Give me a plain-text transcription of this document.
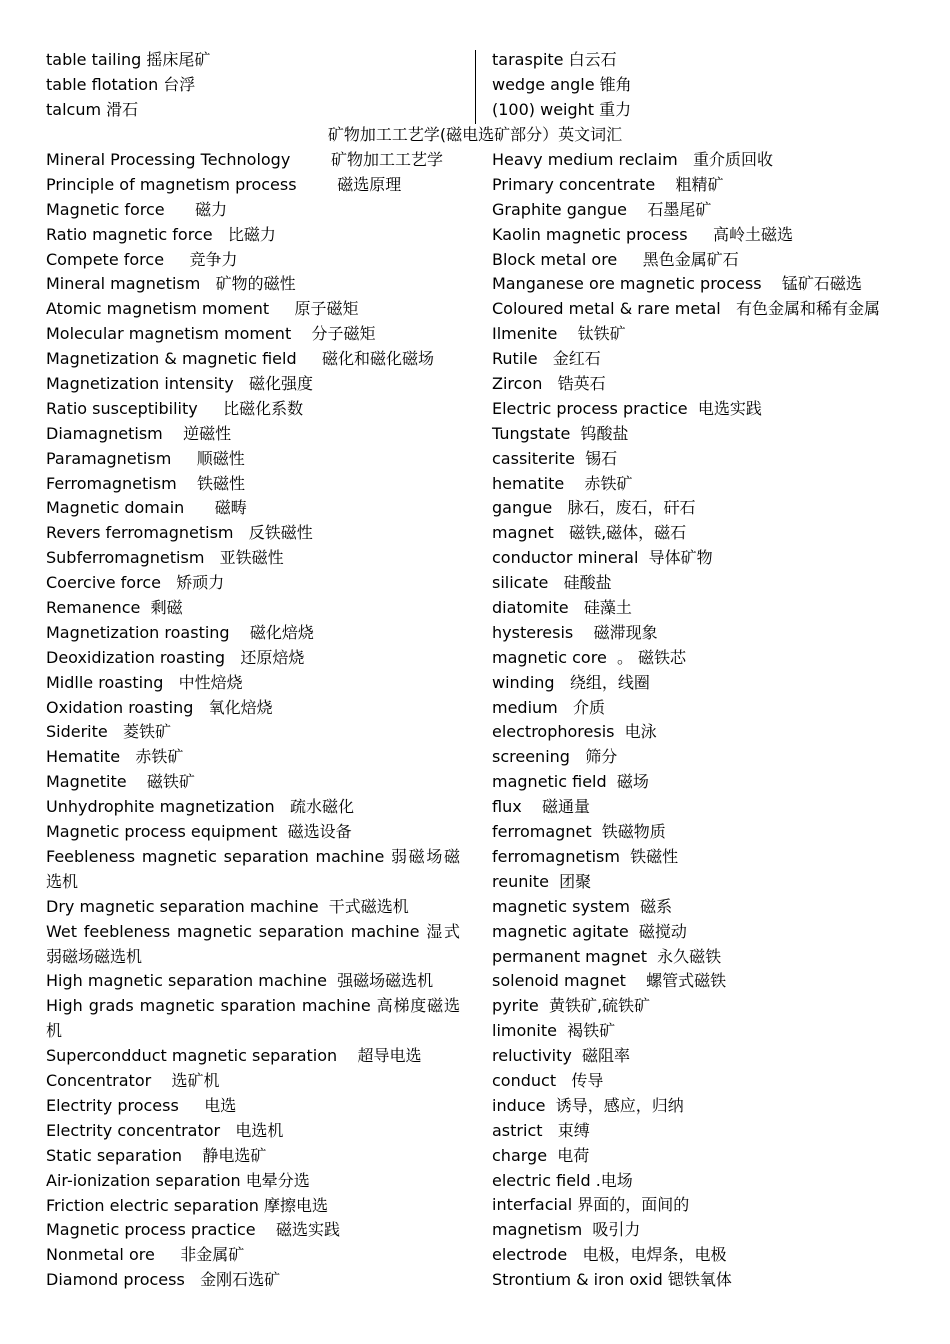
table tailing 摇床尾矿
table flotation 台浮
talcum 滑石
taraspite 白云石
wedge angle 锥角
(100) weight 重力
矿物加工工艺学(磁电选矿部分）英文词汇
Mineral Processing Technology        矿物加工工艺学
Principle of magnetism process        磁选原理
Magnetic force      磁力
Ratio magnetic force   比磁力
Compete force     竞争力
Mineral magnetism   矿物的磁性
Atomic magnetism moment     原子磁矩
Molecular magnetism moment    分子磁矩
Magnetization & magnetic field     磁化和磁化磁场
Magnetization intensity   磁化强度
Ratio susceptibility     比磁化系数
Diamagnetism    逆磁性
Paramagnetism     顺磁性
Ferromagnetism    铁磁性
Magnetic domain      磁畴
Revers ferromagnetism   反铁磁性
Subferromagnetism   亚铁磁性
Coercive force   矫顽力
Remanence  剩磁
Magnetization roasting    磁化焙烧
Deoxidization roasting   还原焙烧
Midlle roasting   中性焙烧
Oxidation roasting   氧化焙烧
Siderite   菱铁矿
Hematite   赤铁矿
Magnetite    磁铁矿
Unhydrophite magnetization   疏水磁化
Magnetic process equipment  磁选设备
Feebleness magnetic separation machine 弱磁场磁选机
Dry magnetic separation machine  干式磁选机
Wet feebleness magnetic separation machine 湿式弱磁场磁选机
High magnetic separation machine  强磁场磁选机
High grads magnetic sparation machine 高梯度磁选机
Supercondduct magnetic separation    超导电选
Concentrator    选矿机
Electrity process     电选
Electrity concentrator   电选机
Static separation    静电选矿
Air-ionization separation 电晕分选
Friction electric separation 摩擦电选
Magnetic process practice    磁选实践
Nonmetal ore     非金属矿
Diamond process   金刚石选矿
Heavy medium reclaim   重介质回收
Primary concentrate    粗精矿
Graphite gangue    石墨尾矿
Kaolin magnetic process     高岭土磁选
Block metal ore     黑色金属矿石
Manganese ore magnetic process    锰矿石磁选
Coloured metal & rare metal   有色金属和稀有金属
Ilmenite    钛铁矿
Rutile   金红石
Zircon   锆英石
Electric process practice  电选实践
Tungstate  钨酸盐
cassiterite  锡石
hematite    赤铁矿
gangue   脉石，废石，矸石
magnet   磁铁,磁体，磁石
conductor mineral  导体矿物
silicate   硅酸盐
diatomite   硅藻土
hysteresis    磁滞现象
magnetic core  。 磁铁芯
winding   绕组，线圈
medium   介质
electrophoresis  电泳
screening   筛分
magnetic field  磁场
flux    磁通量
ferromagnet  铁磁物质
ferromagnetism  铁磁性
reunite  团聚
magnetic system  磁系
magnetic agitate  磁搅动
permanent magnet  永久磁铁
solenoid magnet    螺管式磁铁
pyrite  黄铁矿,硫铁矿
limonite  褐铁矿
reluctivity  磁阻率
conduct   传导
induce  诱导，感应，归纳
astrict   束缚
charge  电荷
electric field .电场
interfacial 界面的，面间的
magnetism  吸引力
electrode   电极，电焊条，电极
Strontium & iron oxid 锶铁氧体
